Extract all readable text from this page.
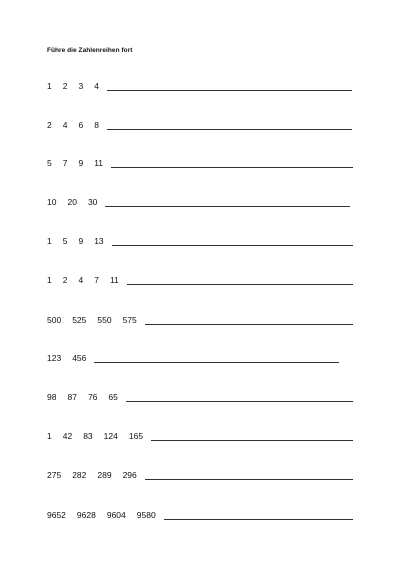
Führe die Zahlenreihen fort
1 2 3 4
2 4 6 8
5 7 9 11
10 20 30
1 5 9 13
1 2 4 7 11
500 525 550 575
123 456
98 87 76 65
1 42 83 124 165
275 282 289 296
9652 9628 9604 9580
